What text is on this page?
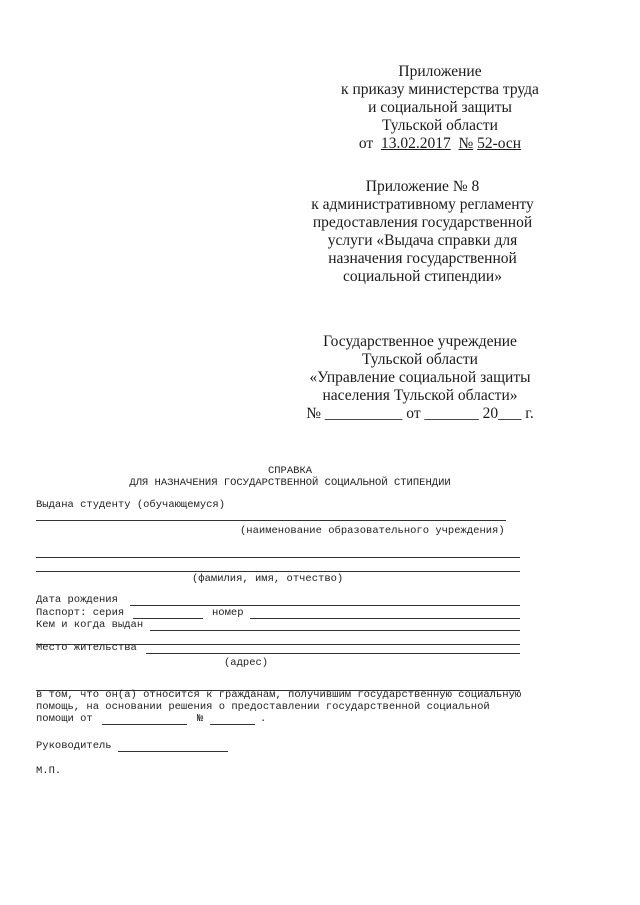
Приложение
к приказу министерства труда
и социальной защиты
Тульской области
от 13.02.2017 № 52-осн
Приложение № 8
к административному регламенту
предоставления государственной
услуги «Выдача справки для
назначения государственной
социальной стипендии»
Государственное учреждение
Тульской области
«Управление социальной защиты
населения Тульской области»
№ __________ от _______ 20___ г.
СПРАВКА
ДЛЯ НАЗНАЧЕНИЯ ГОСУДАРСТВЕННОЙ СОЦИАЛЬНОЙ СТИПЕНДИИ
Выдана студенту (обучающемуся)
(наименование образовательного учреждения)
(фамилия, имя, отчество)
Дата рождения
Паспорт: серия	номер
Кем и когда выдан
Место жительства
(адрес)
в том, что он(а) относится к гражданам, получившим государственную социальную
помощь, на основании решения о предоставлении государственной социальной
помощи от	№	.
Руководитель
М.П.
